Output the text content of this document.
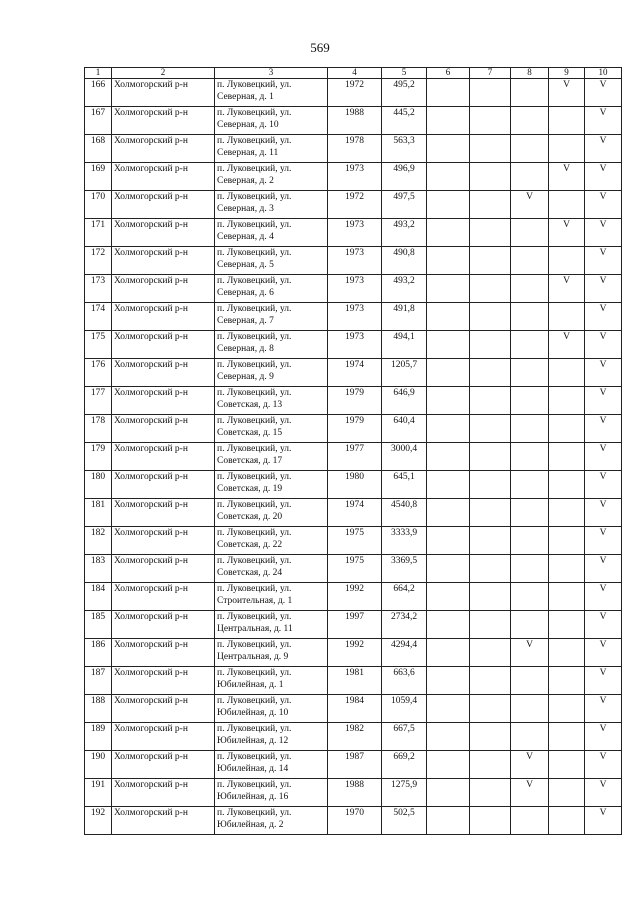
569
1	2	3	4	5	6	7	8	9	10
166	Холмогорский р-н	п. Луковецкий, ул.
Северная, д. 1	1972	495,2				V	V
167	Холмогорский р-н	п. Луковецкий, ул.
Северная, д. 10	1988	445,2					V
168	Холмогорский р-н	п. Луковецкий, ул.
Северная, д. 11	1978	563,3					V
169	Холмогорский р-н	п. Луковецкий, ул.
Северная, д. 2	1973	496,9				V	V
170	Холмогорский р-н	п. Луковецкий, ул.
Северная, д. 3	1972	497,5			V		V
171	Холмогорский р-н	п. Луковецкий, ул.
Северная, д. 4	1973	493,2				V	V
172	Холмогорский р-н	п. Луковецкий, ул.
Северная, д. 5	1973	490,8					V
173	Холмогорский р-н	п. Луковецкий, ул.
Северная, д. 6	1973	493,2				V	V
174	Холмогорский р-н	п. Луковецкий, ул.
Северная, д. 7	1973	491,8					V
175	Холмогорский р-н	п. Луковецкий, ул.
Северная, д. 8	1973	494,1				V	V
176	Холмогорский р-н	п. Луковецкий, ул.
Северная, д. 9	1974	1205,7					V
177	Холмогорский р-н	п. Луковецкий, ул.
Советская, д. 13	1979	646,9					V
178	Холмогорский р-н	п. Луковецкий, ул.
Советская, д. 15	1979	640,4					V
179	Холмогорский р-н	п. Луковецкий, ул.
Советская, д. 17	1977	3000,4					V
180	Холмогорский р-н	п. Луковецкий, ул.
Советская, д. 19	1980	645,1					V
181	Холмогорский р-н	п. Луковецкий, ул.
Советская, д. 20	1974	4540,8					V
182	Холмогорский р-н	п. Луковецкий, ул.
Советская, д. 22	1975	3333,9					V
183	Холмогорский р-н	п. Луковецкий, ул.
Советская, д. 24	1975	3369,5					V
184	Холмогорский р-н	п. Луковецкий, ул.
Строительная, д. 1	1992	664,2					V
185	Холмогорский р-н	п. Луковецкий, ул.
Центральная, д. 11	1997	2734,2					V
186	Холмогорский р-н	п. Луковецкий, ул.
Центральная, д. 9	1992	4294,4			V		V
187	Холмогорский р-н	п. Луковецкий, ул.
Юбилейная, д. 1	1981	663,6					V
188	Холмогорский р-н	п. Луковецкий, ул.
Юбилейная, д. 10	1984	1059,4					V
189	Холмогорский р-н	п. Луковецкий, ул.
Юбилейная, д. 12	1982	667,5					V
190	Холмогорский р-н	п. Луковецкий, ул.
Юбилейная, д. 14	1987	669,2			V		V
191	Холмогорский р-н	п. Луковецкий, ул.
Юбилейная, д. 16	1988	1275,9			V		V
192	Холмогорский р-н	п. Луковецкий, ул.
Юбилейная, д. 2	1970	502,5					V
